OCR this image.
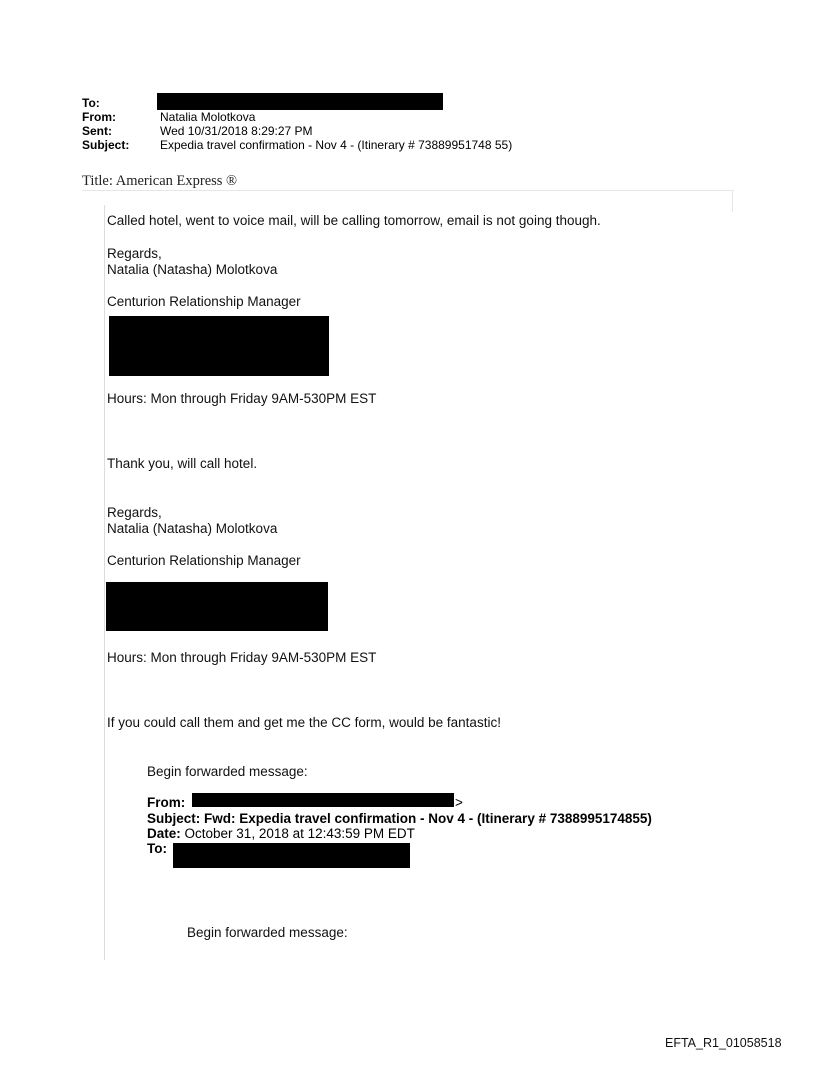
To:
From:	Natalia Molotkova
Sent:	Wed 10/31/2018 8:29:27 PM
Subject:	Expedia travel confirmation - Nov 4 - (Itinerary # 73889951748 55)
Title: American Express ®
Called hotel, went to voice mail, will be calling tomorrow, email is not going though.
Regards,
Natalia (Natasha) Molotkova
Centurion Relationship Manager
Hours: Mon through Friday 9AM-530PM EST
Thank you, will call hotel.
Regards,
Natalia (Natasha) Molotkova
Centurion Relationship Manager
Hours: Mon through Friday 9AM-530PM EST
If you could call them and get me the CC form, would be fantastic!
Begin forwarded message:
From:	>
Subject: Fwd: Expedia travel confirmation - Nov 4 - (Itinerary # 7388995174855)
Date: October 31, 2018 at 12:43:59 PM EDT
To:
Begin forwarded message:
EFTA_R1_01058518
